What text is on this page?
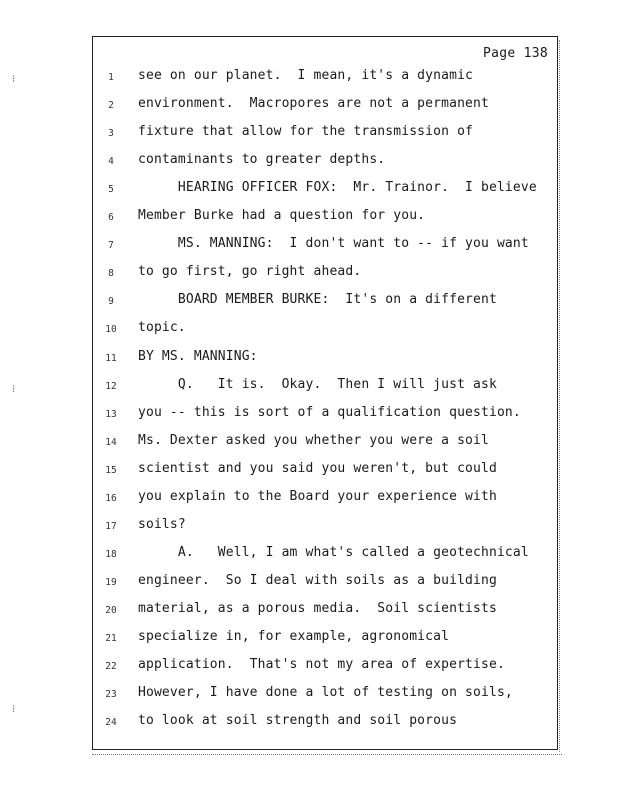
⁝
⁝
⁝
Page 138
1	see on our planet.  I mean, it's a dynamic
2	environment.  Macropores are not a permanent
3	fixture that allow for the transmission of
4	contaminants to greater depths.
5	HEARING OFFICER FOX:  Mr. Trainor.  I believe
6	Member Burke had a question for you.
7	MS. MANNING:  I don't want to -- if you want
8	to go first, go right ahead.
9	BOARD MEMBER BURKE:  It's on a different
10	topic.
11	BY MS. MANNING:
12	Q.   It is.  Okay.  Then I will just ask
13	you -- this is sort of a qualification question.
14	Ms. Dexter asked you whether you were a soil
15	scientist and you said you weren't, but could
16	you explain to the Board your experience with
17	soils?
18	A.   Well, I am what's called a geotechnical
19	engineer.  So I deal with soils as a building
20	material, as a porous media.  Soil scientists
21	specialize in, for example, agronomical
22	application.  That's not my area of expertise.
23	However, I have done a lot of testing on soils,
24	to look at soil strength and soil porous
